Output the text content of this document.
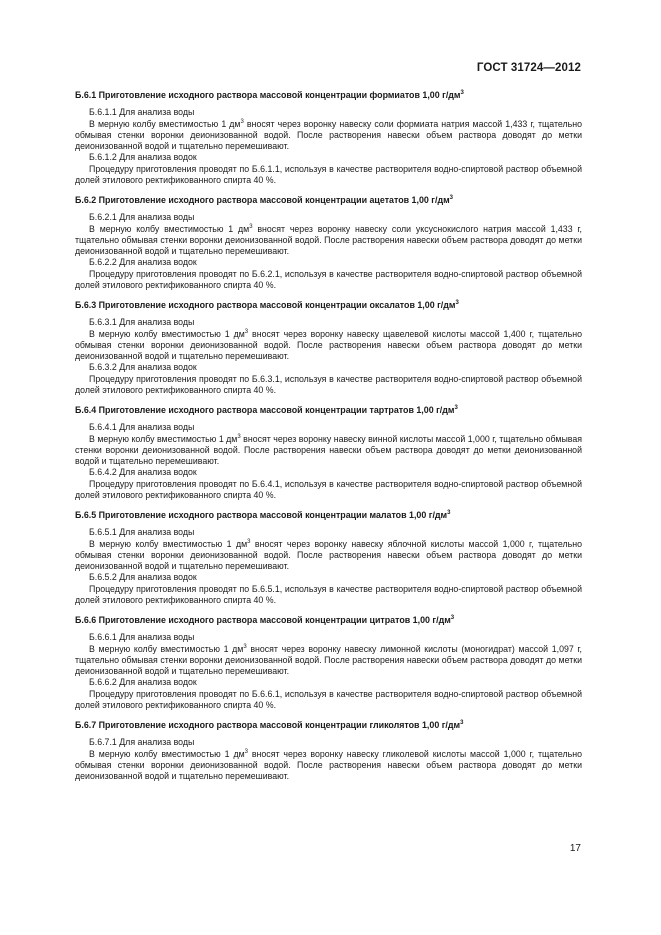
ГОСТ 31724—2012
Б.6.1 Приготовление исходного раствора массовой концентрации формиатов 1,00 $г/дм^3$
Б.6.1.1 Для анализа воды
В мерную колбу вместимостью 1 $дм^3$ вносят через воронку навеску соли формиата натрия массой 1,433 г, тщательно обмывая стенки воронки деионизованной водой. После растворения навески объем раствора доводят до метки деионизованной водой и тщательно перемешивают.
Б.6.1.2 Для анализа водок
Процедуру приготовления проводят по Б.6.1.1, используя в качестве растворителя водно-спиртовой раствор объемной долей этилового ректификованного спирта 40 %.
Б.6.2 Приготовление исходного раствора массовой концентрации ацетатов 1,00 $г/дм^3$
Б.6.2.1 Для анализа воды
В мерную колбу вместимостью 1 $дм^3$ вносят через воронку навеску соли уксуснокислого натрия массой 1,433 г, тщательно обмывая стенки воронки деионизованной водой. После растворения навески объем раствора доводят до метки деионизованной водой и тщательно перемешивают.
Б.6.2.2 Для анализа водок
Процедуру приготовления проводят по Б.6.2.1, используя в качестве растворителя водно-спиртовой раствор объемной долей этилового ректификованного спирта 40 %.
Б.6.3 Приготовление исходного раствора массовой концентрации оксалатов 1,00 $г/дм^3$
Б.6.3.1 Для анализа воды
В мерную колбу вместимостью 1 $дм^3$ вносят через воронку навеску щавелевой кислоты массой 1,400 г, тщательно обмывая стенки воронки деионизованной водой. После растворения навески объем раствора доводят до метки деионизованной водой и тщательно перемешивают.
Б.6.3.2 Для анализа водок
Процедуру приготовления проводят по Б.6.3.1, используя в качестве растворителя водно-спиртовой раствор объемной долей этилового ректификованного спирта 40 %.
Б.6.4 Приготовление исходного раствора массовой концентрации тартратов 1,00 $г/дм^3$
Б.6.4.1 Для анализа воды
В мерную колбу вместимостью 1 $дм^3$ вносят через воронку навеску винной кислоты массой 1,000 г, тщательно обмывая стенки воронки деионизованной водой. После растворения навески объем раствора доводят до метки деионизованной водой и тщательно перемешивают.
Б.6.4.2 Для анализа водок
Процедуру приготовления проводят по Б.6.4.1, используя в качестве растворителя водно-спиртовой раствор объемной долей этилового ректификованного спирта 40 %.
Б.6.5 Приготовление исходного раствора массовой концентрации малатов 1,00 $г/дм^3$
Б.6.5.1 Для анализа воды
В мерную колбу вместимостью 1 $дм^3$ вносят через воронку навеску яблочной кислоты массой 1,000 г, тщательно обмывая стенки воронки деионизованной водой. После растворения навески объем раствора доводят до метки деионизованной водой и тщательно перемешивают.
Б.6.5.2 Для анализа водок
Процедуру приготовления проводят по Б.6.5.1, используя в качестве растворителя водно-спиртовой раствор объемной долей этилового ректификованного спирта 40 %.
Б.6.6 Приготовление исходного раствора массовой концентрации цитратов 1,00 $г/дм^3$
Б.6.6.1 Для анализа воды
В мерную колбу вместимостью 1 $дм^3$ вносят через воронку навеску лимонной кислоты (моногидрат) массой 1,097 г, тщательно обмывая стенки воронки деионизованной водой. После растворения навески объем раствора доводят до метки деионизованной водой и тщательно перемешивают.
Б.6.6.2 Для анализа водок
Процедуру приготовления проводят по Б.6.6.1, используя в качестве растворителя водно-спиртовой раствор объемной долей этилового ректификованного спирта 40 %.
Б.6.7 Приготовление исходного раствора массовой концентрации гликолятов 1,00 $г/дм^3$
Б.6.7.1 Для анализа воды
В мерную колбу вместимостью 1 $дм^3$ вносят через воронку навеску гликолевой кислоты массой 1,000 г, тщательно обмывая стенки воронки деионизованной водой. После растворения навески объем раствора доводят до метки деионизованной водой и тщательно перемешивают.
17
